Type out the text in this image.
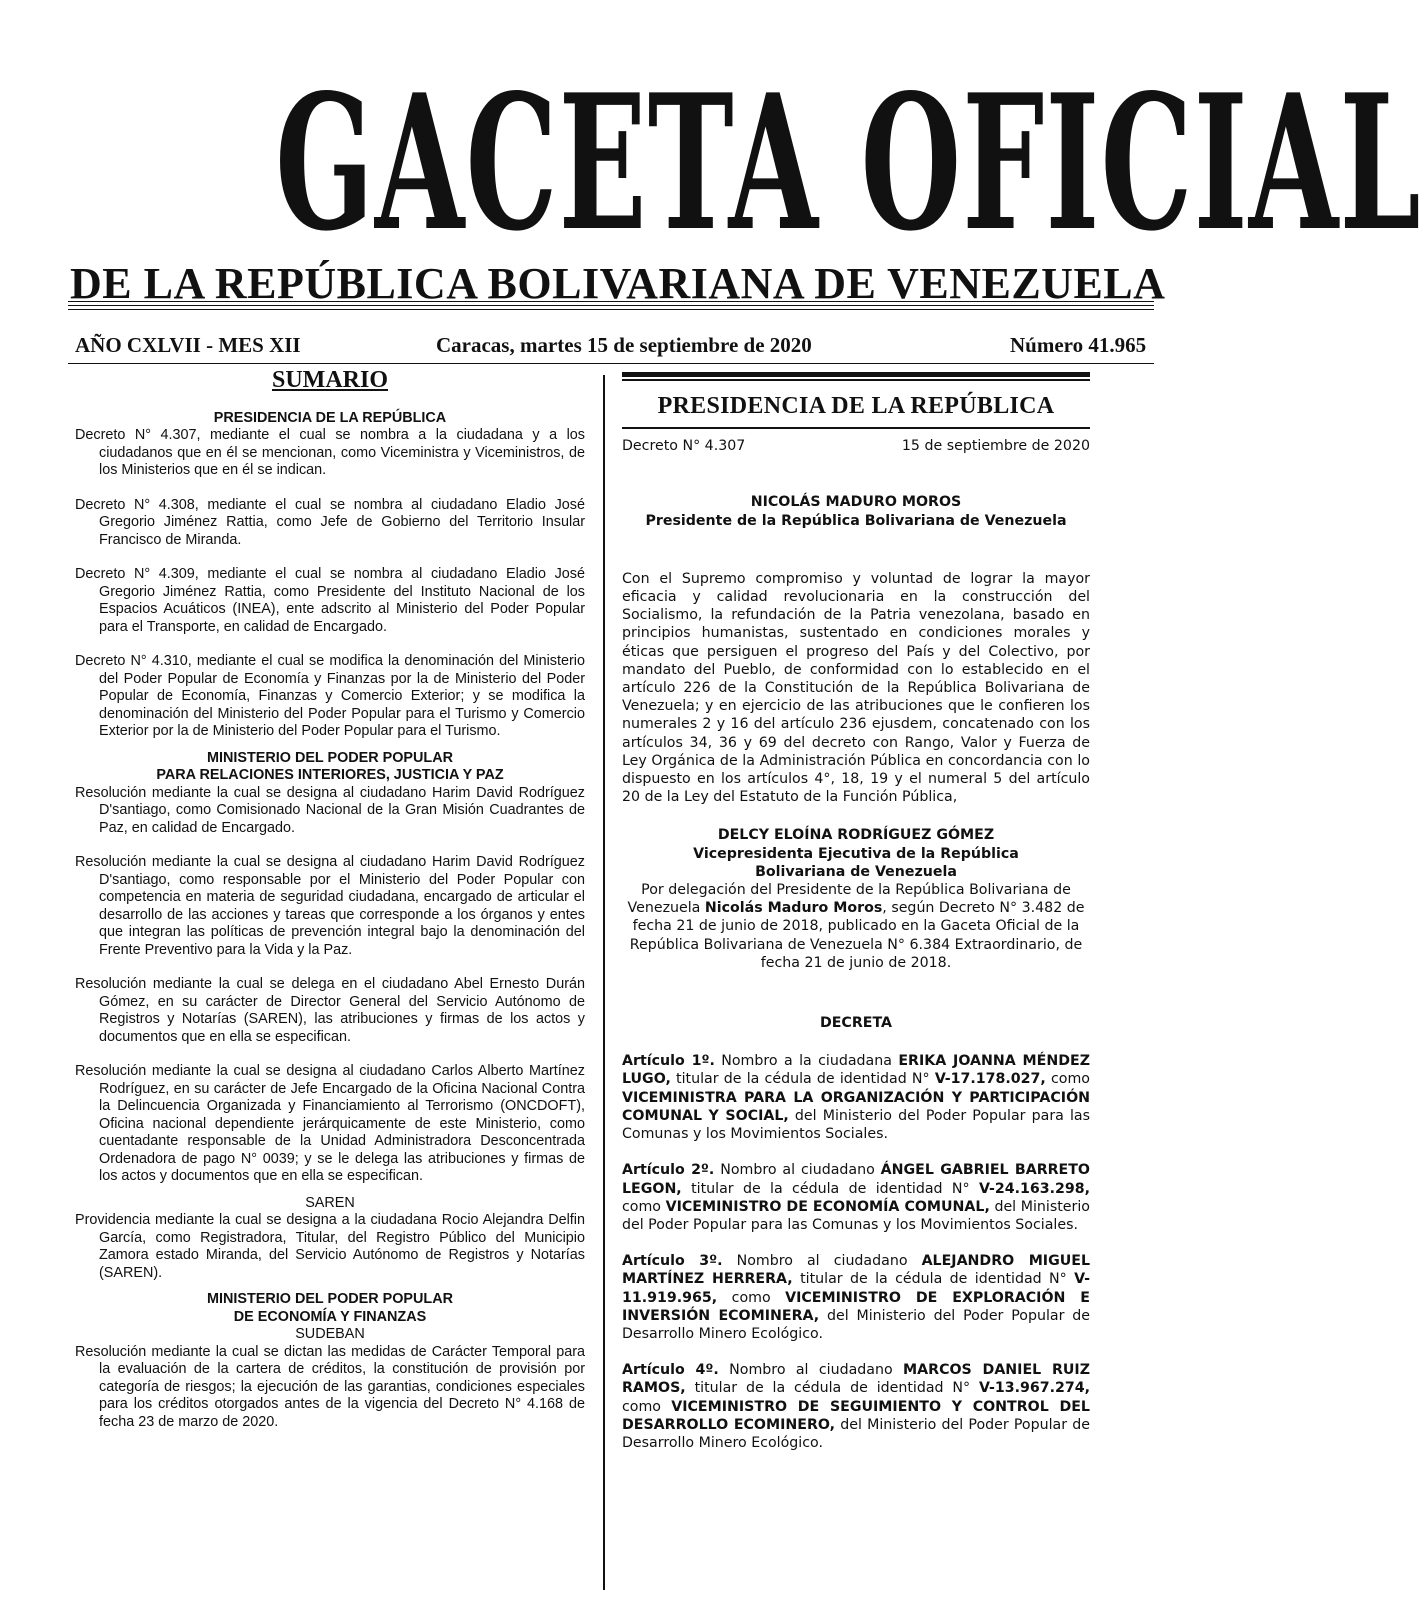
GACETA OFICIAL
DE LA REPÚBLICA BOLIVARIANA DE VENEZUELA
AÑO CXLVII - MES XII	Caracas, martes 15 de septiembre de 2020	Número 41.965

SUMARIO

PRESIDENCIA DE LA REPÚBLICA

Decreto N° 4.307, mediante el cual se nombra a la ciudadana y a los ciudadanos que en él se mencionan, como Viceministra y Viceministros, de los Ministerios que en él se indican.

Decreto N° 4.308, mediante el cual se nombra al ciudadano Eladio José Gregorio Jiménez Rattia, como Jefe de Gobierno del Territorio Insular Francisco de Miranda.

Decreto N° 4.309, mediante el cual se nombra al ciudadano Eladio José Gregorio Jiménez Rattia, como Presidente del Instituto Nacional de los Espacios Acuáticos (INEA), ente adscrito al Ministerio del Poder Popular para el Transporte, en calidad de Encargado.

Decreto N° 4.310, mediante el cual se modifica la denominación del Ministerio del Poder Popular de Economía y Finanzas por la de Ministerio del Poder Popular de Economía, Finanzas y Comercio Exterior; y se modifica la denominación del Ministerio del Poder Popular para el Turismo y Comercio Exterior por la de Ministerio del Poder Popular para el Turismo.

MINISTERIO DEL PODER POPULAR

PARA RELACIONES INTERIORES, JUSTICIA Y PAZ

Resolución mediante la cual se designa al ciudadano Harim David Rodríguez D'santiago, como Comisionado Nacional de la Gran Misión Cuadrantes de Paz, en calidad de Encargado.

Resolución mediante la cual se designa al ciudadano Harim David Rodríguez D'santiago, como responsable por el Ministerio del Poder Popular con competencia en materia de seguridad ciudadana, encargado de articular el desarrollo de las acciones y tareas que corresponde a los órganos y entes que integran las políticas de prevención integral bajo la denominación del Frente Preventivo para la Vida y la Paz.

Resolución mediante la cual se delega en el ciudadano Abel Ernesto Durán Gómez, en su carácter de Director General del Servicio Autónomo de Registros y Notarías (SAREN), las atribuciones y firmas de los actos y documentos que en ella se especifican.

Resolución mediante la cual se designa al ciudadano Carlos Alberto Martínez Rodríguez, en su carácter de Jefe Encargado de la Oficina Nacional Contra la Delincuencia Organizada y Financiamiento al Terrorismo (ONCDOFT), Oficina nacional dependiente jerárquicamente de este Ministerio, como cuentadante responsable de la Unidad Administradora Desconcentrada Ordenadora de pago N° 0039; y se le delega las atribuciones y firmas de los actos y documentos que en ella se especifican.

SAREN

Providencia mediante la cual se designa a la ciudadana Rocio Alejandra Delfin García, como Registradora, Titular, del Registro Público del Municipio Zamora estado Miranda, del Servicio Autónomo de Registros y Notarías (SAREN).

MINISTERIO DEL PODER POPULAR

DE ECONOMÍA Y FINANZAS

SUDEBAN

Resolución mediante la cual se dictan las medidas de Carácter Temporal para la evaluación de la cartera de créditos, la constitución de provisión por categoría de riesgos; la ejecución de las garantias, condiciones especiales para los créditos otorgados antes de la vigencia del Decreto N° 4.168 de fecha 23 de marzo de 2020.

PRESIDENCIA DE LA REPÚBLICA

Decreto N° 4.307	15 de septiembre de 2020

NICOLÁS MADURO MOROS

Presidente de la República Bolivariana de Venezuela

Con el Supremo compromiso y voluntad de lograr la mayor eficacia y calidad revolucionaria en la construcción del Socialismo, la refundación de la Patria venezolana, basado en principios humanistas, sustentado en condiciones morales y éticas que persiguen el progreso del País y del Colectivo, por mandato del Pueblo, de conformidad con lo establecido en el artículo 226 de la Constitución de la República Bolivariana de Venezuela; y en ejercicio de las atribuciones que le confieren los numerales 2 y 16 del artículo 236 ejusdem, concatenado con los artículos 34, 36 y 69 del decreto con Rango, Valor y Fuerza de Ley Orgánica de la Administración Pública en concordancia con lo dispuesto en los artículos 4°, 18, 19 y el numeral 5 del artículo 20 de la Ley del Estatuto de la Función Pública,

DELCY ELOÍNA RODRÍGUEZ GÓMEZ

Vicepresidenta Ejecutiva de la República

Bolivariana de Venezuela

Por delegación del Presidente de la República Bolivariana de Venezuela Nicolás Maduro Moros, según Decreto N° 3.482 de fecha 21 de junio de 2018, publicado en la Gaceta Oficial de la República Bolivariana de Venezuela N° 6.384 Extraordinario, de fecha 21 de junio de 2018.

DECRETA

Artículo 1º. Nombro a la ciudadana ERIKA JOANNA MÉNDEZ LUGO, titular de la cédula de identidad N° V-17.178.027, como VICEMINISTRA PARA LA ORGANIZACIÓN Y PARTICIPACIÓN COMUNAL Y SOCIAL, del Ministerio del Poder Popular para las Comunas y los Movimientos Sociales.

Artículo 2º. Nombro al ciudadano ÁNGEL GABRIEL BARRETO LEGON, titular de la cédula de identidad N° V-24.163.298, como VICEMINISTRO DE ECONOMÍA COMUNAL, del Ministerio del Poder Popular para las Comunas y los Movimientos Sociales.

Artículo 3º. Nombro al ciudadano ALEJANDRO MIGUEL MARTÍNEZ HERRERA, titular de la cédula de identidad N° V-11.919.965, como VICEMINISTRO DE EXPLORACIÓN E INVERSIÓN ECOMINERA, del Ministerio del Poder Popular de Desarrollo Minero Ecológico.

Artículo 4º. Nombro al ciudadano MARCOS DANIEL RUIZ RAMOS, titular de la cédula de identidad N° V-13.967.274, como VICEMINISTRO DE SEGUIMIENTO Y CONTROL DEL DESARROLLO ECOMINERO, del Ministerio del Poder Popular de Desarrollo Minero Ecológico.
